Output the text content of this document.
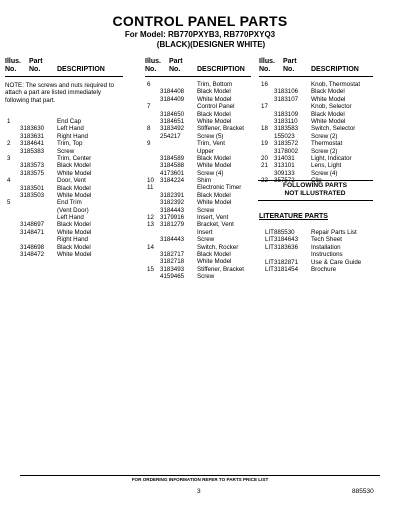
CONTROL PANEL PARTS
For Model: RB770PXYB3, RB770PXYQ3
(BLACK)(DESIGNER WHITE)
Illus.
No.
Part
No.	DESCRIPTION
Illus.
No.
Part
No.	DESCRIPTION
Illus.
No.
Part
No.	DESCRIPTION
NOTE: The screws and nuts required to attach a part are listed immediately following that part.
1	End Cap
3183630 Left Hand
3183631 Right Hand
2 3184641 Trim, Top
3185383 Screw
3	Trim, Center
3183573 Black Model
3183575 White Model
4	Door, Vent
3183501 Black Model
3183503 White Model
5	End Trim
(Vent Door)
Left Hand
3148697 Black Model
3148471 White Model
Right Hand
3148698 Black Model
3148472 White Model
6	Trim, Bottom
3184408 Black Model
3184409 White Model
7	Control Panel
3184650 Black Model
3184651 White Model
8 3183492 Stiffener, Bracket
254217	Screw (5)
9	Trim, Vent
Upper
3184589 Black Model
3184588 White Model
4173601 Screw (4)
10 3184224 Shim
11	Electronic Timer
3182391 Black Model
3182392 White Model
3184443 Screw
12 3179916 Insert, Vent
13 3181279 Bracket, Vent
Insert
3184443 Screw
14	Switch, Rocker
3182717 Black Model
3182718 White Model
15 3183493 Stiffener, Bracket
4159465 Screw
16	Knob, Thermostat
3183106 Black Model
3183107 White Model
17	Knob, Selector
3183109 Black Model
3183110 White Model
18 3183583 Switch, Selector
155023	Screw (2)
19 3183572 Thermostat
3178002 Screw (2)
20 314031	Light, Indicator
21 313101	Lens, Light
309133	Screw (4)
FOLLOWING PARTS
NOT ILLUSTRATED
LITERATURE PARTS
LIT885530	Repair Parts List
LIT3184643 Tech Sheet
LIT3183636 Installation
Instructions
LIT3182871 Use & Care Guide
LIT3181454 Brochure
FOR ORDERING INFORMATION REFER TO PARTS PRICE LIST
3	885530
